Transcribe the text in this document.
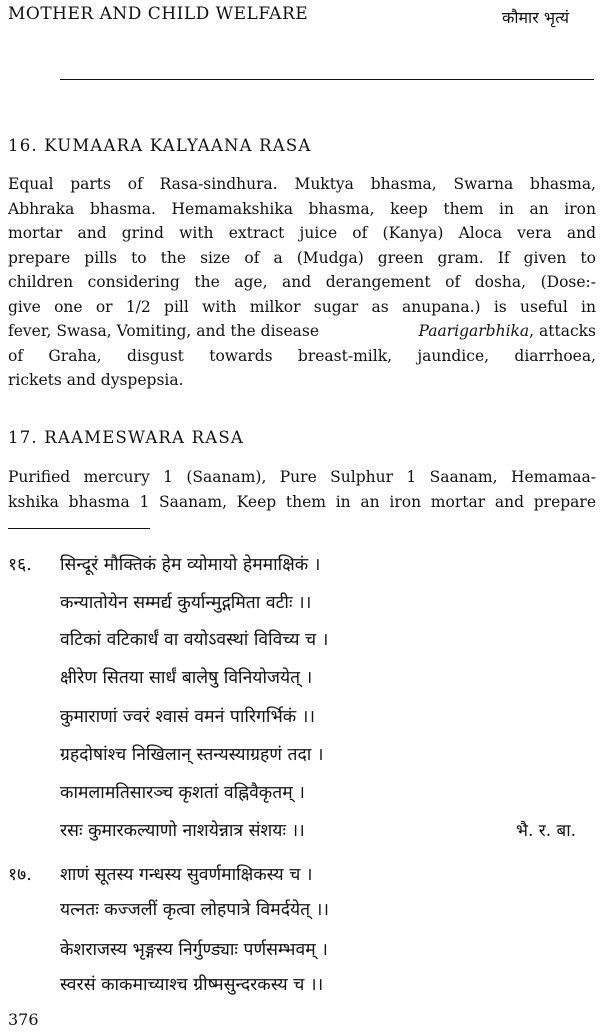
MOTHER AND CHILD WELFARE	कौमार भृत्यं
16. KUMAARA KALYAANA RASA
Equal parts of Rasa-sindhura. Muktya bhasma, Swarna bhasma,
Abhraka bhasma. Hemamakshika bhasma, keep them in an iron
mortar and grind with extract juice of (Kanya) Aloca vera and
prepare pills to the size of a (Mudga) green gram. If given to
children considering the age, and derangement of dosha, (Dose:-
give one or 1/2 pill with milkor sugar as anupana.) is useful in
fever, Swasa, Vomiting, and the disease	Paarigarbhika, attacks
of Graha, disgust towards breast-milk, jaundice, diarrhoea,
rickets and dyspepsia.
17. RAAMESWARA RASA
Purified mercury 1 (Saanam), Pure Sulphur 1 Saanam, Hemamaa-
kshika bhasma 1 Saanam, Keep them in an iron mortar and prepare
१६. सिन्दूरं मौक्तिकं हेम व्योमायो हेममाक्षिकं ।
कन्यातोयेन सम्मर्द्य कुर्यान्मुद्गमिता वटीः ।।
वटिकां वटिकार्धं वा वयोऽवस्थां विविच्य च ।
क्षीरेण सितया सार्धं बालेषु विनियोजयेत् ।
कुमाराणां ज्वरं श्वासं वमनं पारिगर्भिकं ।।
ग्रहदोषांश्च निखिलान् स्तन्यस्याग्रहणं तदा ।
कामलामतिसारञ्च कृशतां वह्निवैकृतम् ।
रसः कुमारकल्याणो नाशयेन्नात्र संशयः ।।	भै. र. बा.
१७. शाणं सूतस्य गन्धस्य सुवर्णमाक्षिकस्य च ।
यत्नतः कज्जलीं कृत्वा लोहपात्रे विमर्दयेत् ।।
केशराजस्य भृङ्गस्य निर्गुण्ड्याः पर्णसम्भवम् ।
स्वरसं काकमाच्याश्च ग्रीष्मसुन्दरकस्य च ।।
376
